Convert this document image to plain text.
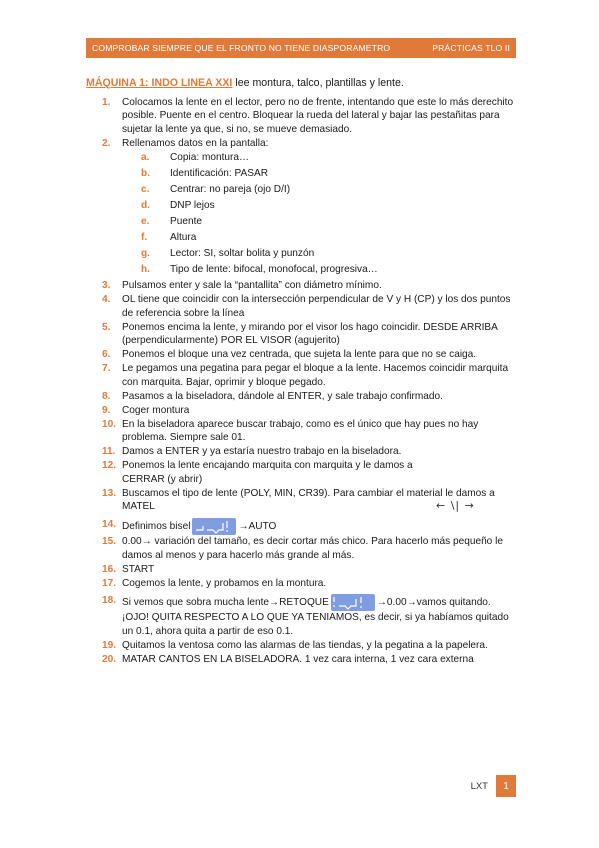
COMPROBAR SIEMPRE QUE EL FRONTO NO TIENE DIASPORAMETRO	PRÁCTICAS TLO II
MÁQUINA 1: INDO LINEA XXI lee montura, talco, plantillas y lente.
1. Colocamos la lente en el lector, pero no de frente, intentando que este lo más derechito posible. Puente en el centro. Bloquear la rueda del lateral y bajar las pestañitas para sujetar la lente ya que, si no, se mueve demasiado.
2. Rellenamos datos en la pantalla:
a. Copia: montura…
b. Identificación: PASAR
c. Centrar: no pareja (ojo D/I)
d. DNP lejos
e. Puente
f. Altura
g. Lector: SI, soltar bolita y punzón
h. Tipo de lente: bifocal, monofocal, progresiva…
3. Pulsamos enter y sale la “pantallita” con diámetro mínimo.
4. OL tiene que coincidir con la intersección perpendicular de V y H (CP) y los dos puntos de referencia sobre la línea
5. Ponemos encima la lente, y mirando por el visor los hago coincidir. DESDE ARRIBA (perpendicularmente) POR EL VISOR (agujerito)
6. Ponemos el bloque una vez centrada, que sujeta la lente para que no se caiga.
7. Le pegamos una pegatina para pegar el bloque a la lente. Hacemos coincidir marquita con marquita. Bajar, oprimir y bloque pegado.
8. Pasamos a la biseladora, dándole al ENTER, y sale trabajo confirmado.
9. Coger montura
10. En la biseladora aparece buscar trabajo, como es el único que hay pues no hay problema. Siempre sale 01.
11. Damos a ENTER y ya estaría nuestro trabajo en la biseladora.
12. Ponemos la lente encajando marquita con marquita y le damos a CERRAR (y abrir)
13. Buscamos el tipo de lente (POLY, MIN, CR39). Para cambiar el material le damos a MATEL
14. Definimos bisel	→AUTO
15. 0.00→ variación del tamaño, es decir cortar más chico. Para hacerlo más pequeño le damos al menos y para hacerlo más grande al más.
16. START
17. Cogemos la lente, y probamos en la montura.
18. Si vemos que sobra mucha lente→RETOQUE	→0.00→vamos quitando. ¡OJO! QUITA RESPECTO A LO QUE YA TENIAMOS, es decir, si ya habíamos quitado un 0.1, ahora quita a partir de eso 0.1.
19. Quitamos la ventosa como las alarmas de las tiendas, y la pegatina a la papelera.
20. MATAR CANTOS EN LA BISELADORA. 1 vez cara interna, 1 vez cara externa
← \| →
LXT	1
